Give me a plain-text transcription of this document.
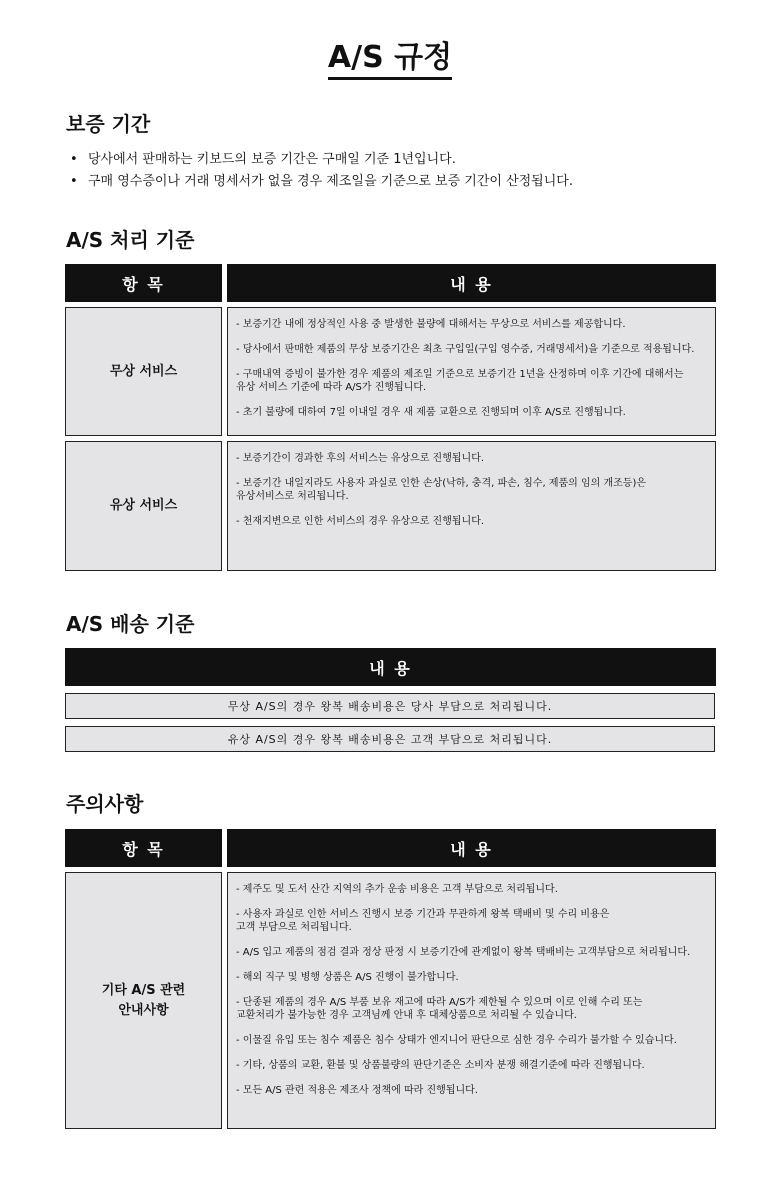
A/S 규정
보증 기간
• 당사에서 판매하는 키보드의 보증 기간은 구매일 기준 1년입니다.
• 구매 영수증이나 거래 명세서가 없을 경우 제조일을 기준으로 보증 기간이 산정됩니다.
A/S 처리 기준
항 목	내 용
무상 서비스
- 보증기간 내에 정상적인 사용 중 발생한 불량에 대해서는 무상으로 서비스를 제공합니다.
- 당사에서 판매한 제품의 무상 보증기간은 최초 구입일(구입 영수증, 거래명세서)을 기준으로 적용됩니다.
- 구매내역 증빙이 불가한 경우 제품의 제조일 기준으로 보증기간 1년을 산정하며 이후 기간에 대해서는
유상 서비스 기준에 따라 A/S가 진행됩니다.
- 초기 불량에 대하여 7일 이내일 경우 새 제품 교환으로 진행되며 이후 A/S로 진행됩니다.
유상 서비스
- 보증기간이 경과한 후의 서비스는 유상으로 진행됩니다.
- 보증기간 내일지라도 사용자 과실로 인한 손상(낙하, 충격, 파손, 침수, 제품의 임의 개조등)은
유상서비스로 처리됩니다.
- 천재지변으로 인한 서비스의 경우 유상으로 진행됩니다.
A/S 배송 기준
내 용
무상 A/S의 경우 왕복 배송비용은 당사 부담으로 처리됩니다.
유상 A/S의 경우 왕복 배송비용은 고객 부담으로 처리됩니다.
주의사항
항 목	내 용
기타 A/S 관련
안내사항
- 제주도 및 도서 산간 지역의 추가 운송 비용은 고객 부담으로 처리됩니다.
- 사용자 과실로 인한 서비스 진행시 보증 기간과 무관하게 왕복 택배비 및 수리 비용은
고객 부담으로 처리됩니다.
- A/S 입고 제품의 점검 결과 정상 판정 시 보증기간에 관계없이 왕복 택배비는 고객부담으로 처리됩니다.
- 해외 직구 및 병행 상품은 A/S 진행이 불가합니다.
- 단종된 제품의 경우 A/S 부품 보유 재고에 따라 A/S가 제한될 수 있으며 이로 인해 수리 또는
교환처리가 불가능한 경우 고객님께 안내 후 대체상품으로 처리될 수 있습니다.
- 이물질 유입 또는 침수 제품은 침수 상태가 엔지니어 판단으로 심한 경우 수리가 불가할 수 있습니다.
- 기타, 상품의 교환, 환불 및 상품불량의 판단기준은 소비자 분쟁 해결기준에 따라 진행됩니다.
- 모든 A/S 관련 적용은 제조사 정책에 따라 진행됩니다.
